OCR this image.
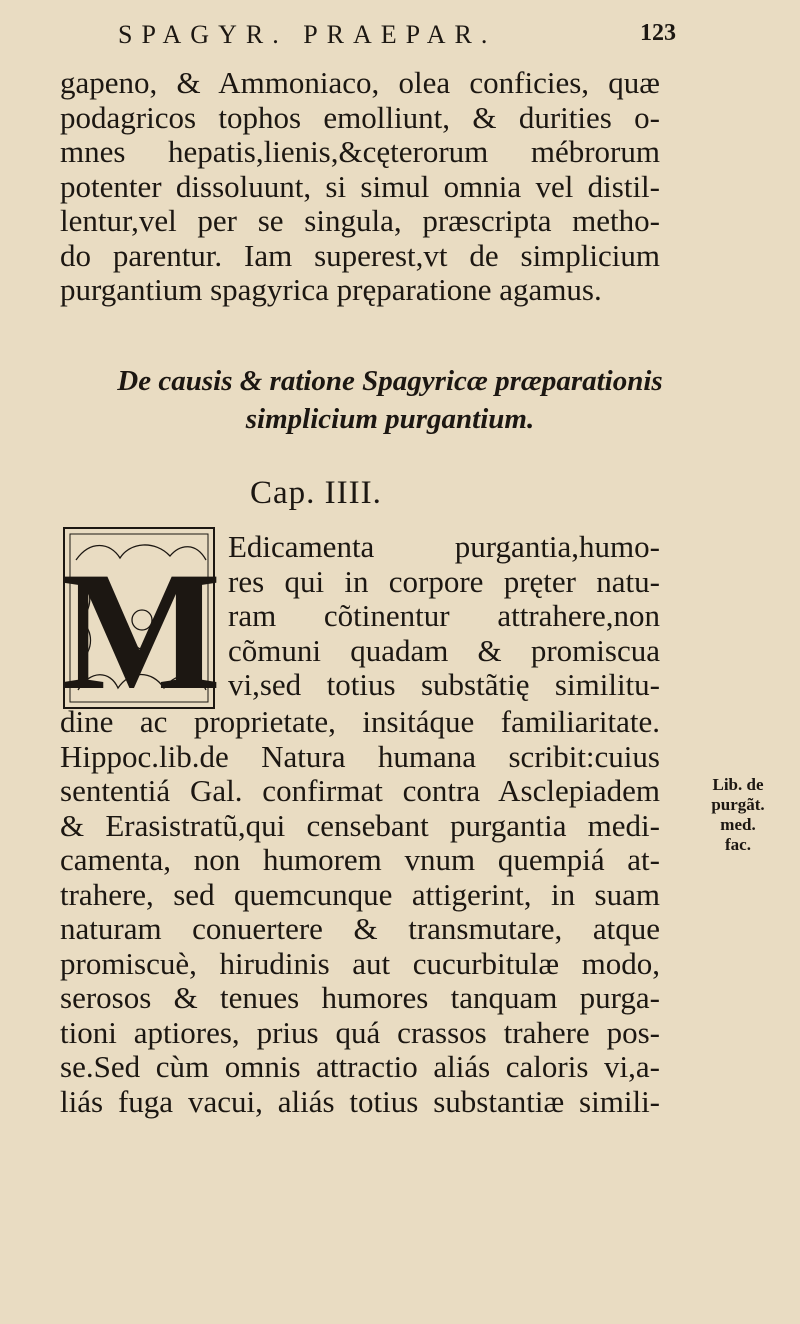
SPAGYR. PRAEPAR.	123
gapeno, & Ammoniaco, olea conficies, quæ
podagricos tophos emolliunt, & durities o-
mnes hepatis,lienis,&cęterorum mébrorum
potenter dissoluunt, si simul omnia vel distil-
lentur,vel per se singula, præscripta metho-
do parentur. Iam superest,vt de simplicium
purgantium spagyrica pręparatione agamus.
De causis & ratione Spagyricæ præparationis
simplicium purgantium.
Cap. IIII.
M Edicamenta purgantia,humo-
res qui in corpore pręter natu-
ram cõtinentur attrahere,non
cõmuni quadam & promiscua
vi,sed totius substãtię similitu-
dine ac proprietate, insitáque familiaritate.
Hippoc.lib.de Natura humana scribit:cuius
sententiá Gal. confirmat contra Asclepiadem
& Erasistratũ,qui censebant purgantia medi-
camenta, non humorem vnum quempiá at-
trahere, sed quemcunque attigerint, in suam
naturam conuertere & transmutare, atque
promiscuè, hirudinis aut cucurbitulæ modo,
serosos & tenues humores tanquam purga-
tioni aptiores, prius quá crassos trahere pos-
se.Sed cùm omnis attractio aliás caloris vi,a-
liás fuga vacui, aliás totius substantiæ simili-
Lib. de
purgãt.
med.
fac.
